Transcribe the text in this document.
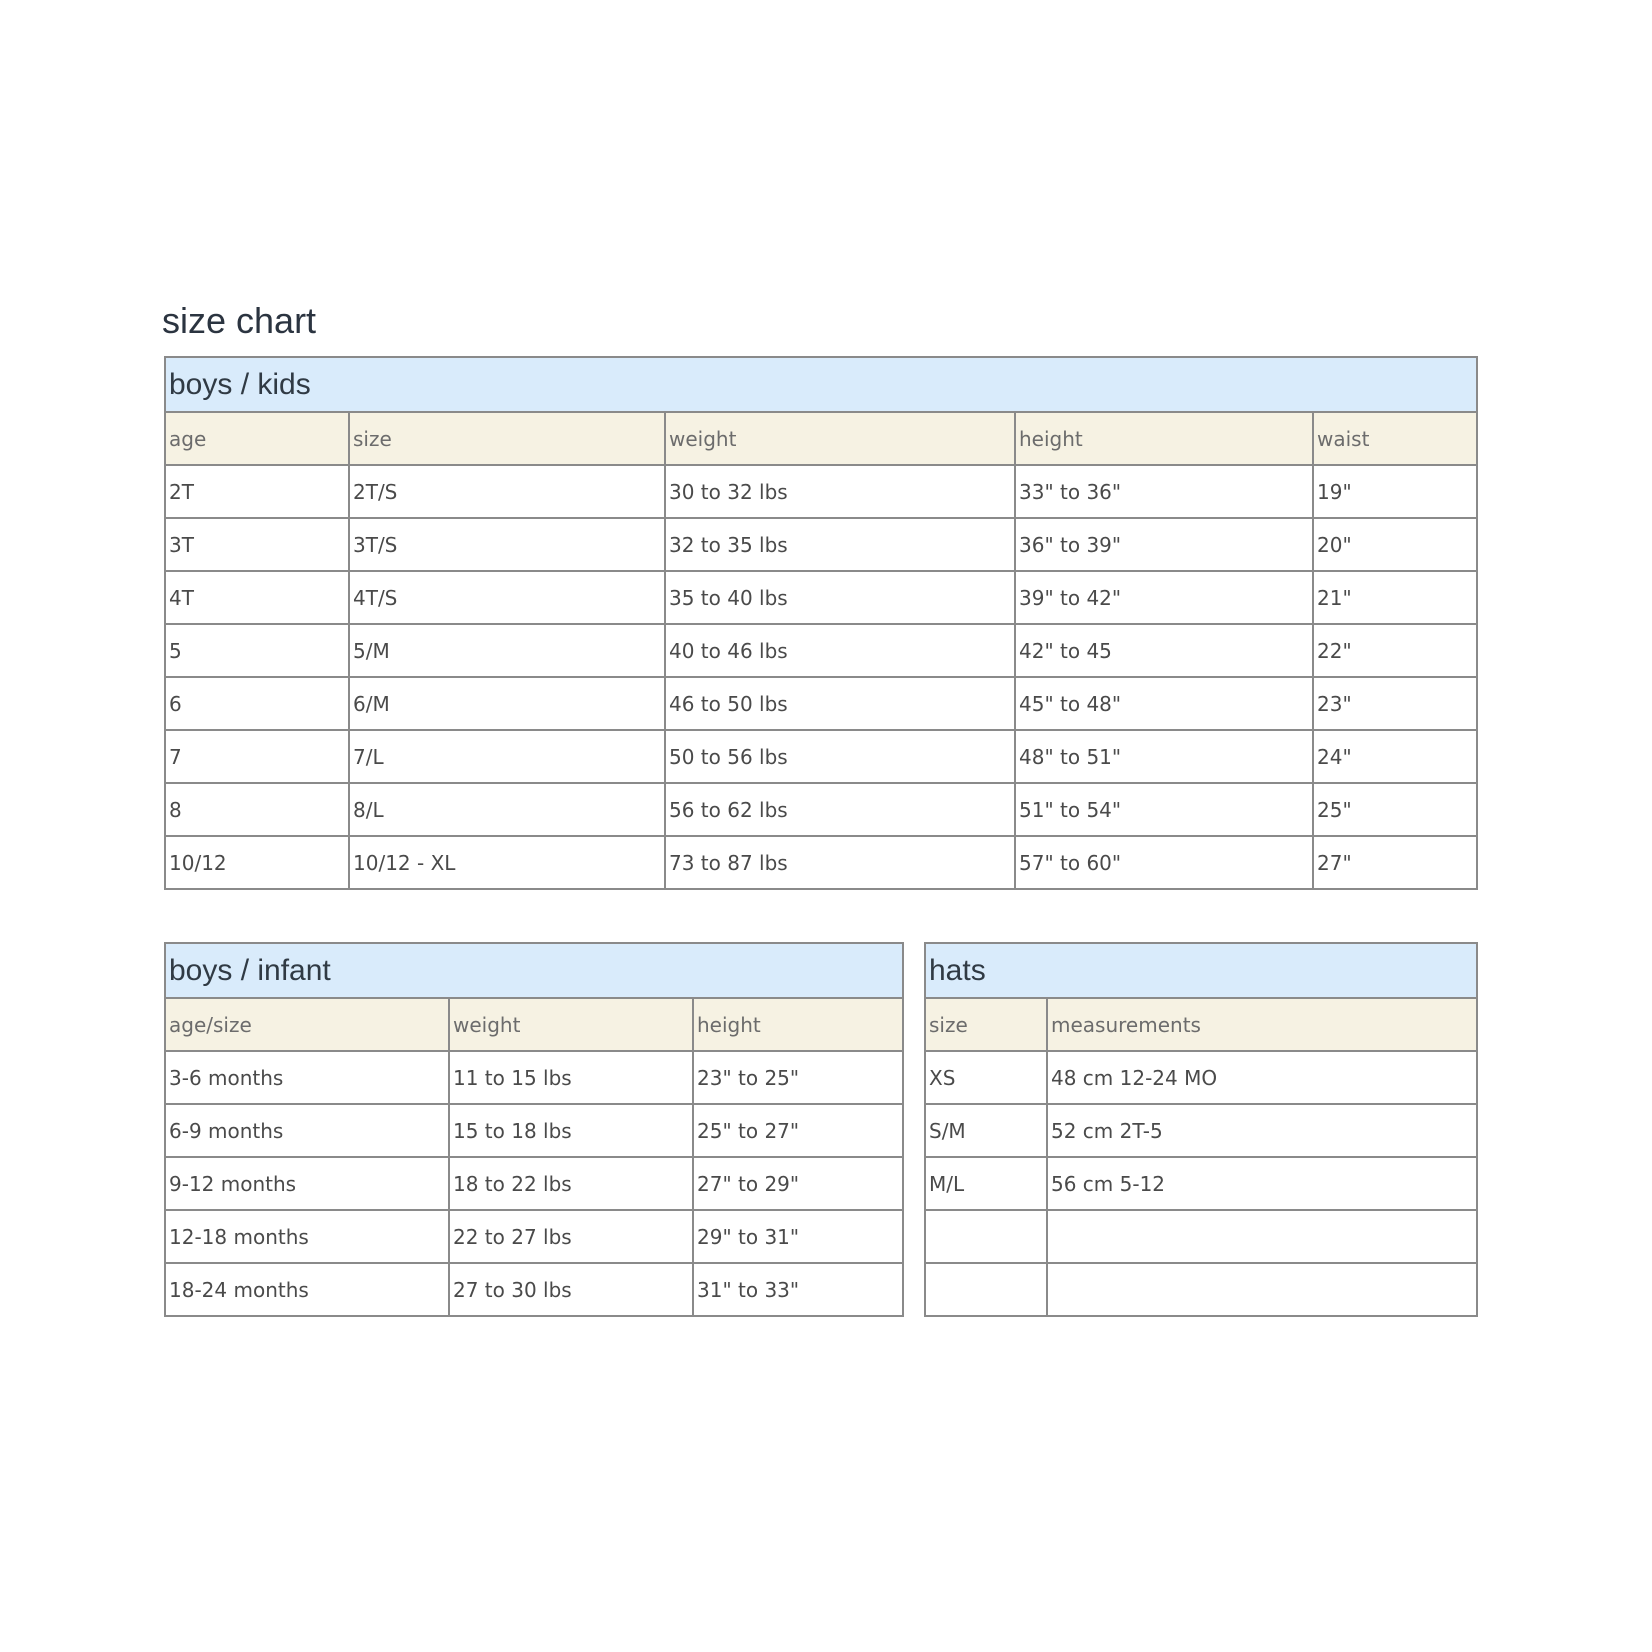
size chart
boys / kids				
age	size	weight	height	waist
2T	2T/S	30 to 32 lbs	33" to 36"	19"
3T	3T/S	32 to 35 lbs	36" to 39"	20"
4T	4T/S	35 to 40 lbs	39" to 42"	21"
5	5/M	40 to 46 lbs	42" to 45	22"
6	6/M	46 to 50 lbs	45" to 48"	23"
7	7/L	50 to 56 lbs	48" to 51"	24"
8	8/L	56 to 62 lbs	51" to 54"	25"
10/12	10/12 - XL	73 to 87 lbs	57" to 60"	27"
boys / infant		
age/size	weight	height
3-6 months	11 to 15 lbs	23" to 25"
6-9 months	15 to 18 lbs	25" to 27"
9-12 months	18 to 22 lbs	27" to 29"
12-18 months	22 to 27 lbs	29" to 31"
18-24 months	27 to 30 lbs	31" to 33"
hats	
size	measurements
XS	48 cm 12-24 MO
S/M	52 cm 2T-5
M/L	56 cm 5-12
